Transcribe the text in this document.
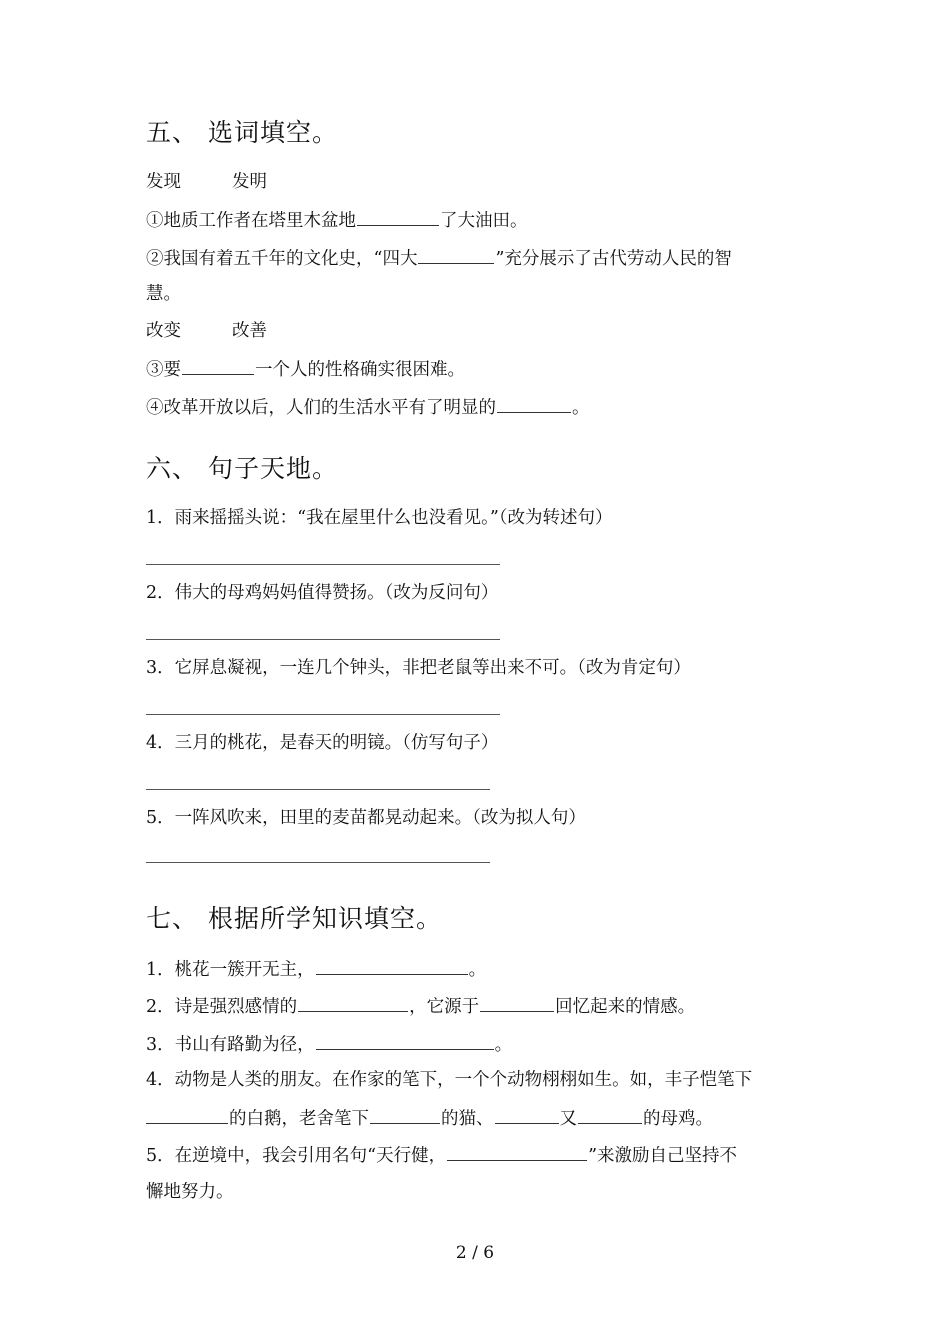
五、 选词填空。
发现	发明
①地质工作者在塔里木盆地	了大油田。
②我国有着五千年的文化史，“四大	”充分展示了古代劳动人民的智
慧。
改变	改善
③要	一个人的性格确实很困难。
④改革开放以后，人们的生活水平有了明显的	。
六、 句子天地。
1．雨来摇摇头说：“我在屋里什么也没看见。”（改为转述句）
2．伟大的母鸡妈妈值得赞扬。（改为反问句）
3．它屏息凝视，一连几个钟头，非把老鼠等出来不可。（改为肯定句）
4．三月的桃花，是春天的明镜。（仿写句子）
5．一阵风吹来，田里的麦苗都晃动起来。（改为拟人句）
七、 根据所学知识填空。
1．桃花一簇开无主，	。
2．诗是强烈感情的	，它源于	回忆起来的情感。
3．书山有路勤为径，	。
4．动物是人类的朋友。在作家的笔下，一个个动物栩栩如生。如，丰子恺笔下
的白鹅，老舍笔下	的猫、	又	的母鸡。
5．在逆境中，我会引用名句“天行健，	”来激励自己坚持不
懈地努力。
2 / 6
